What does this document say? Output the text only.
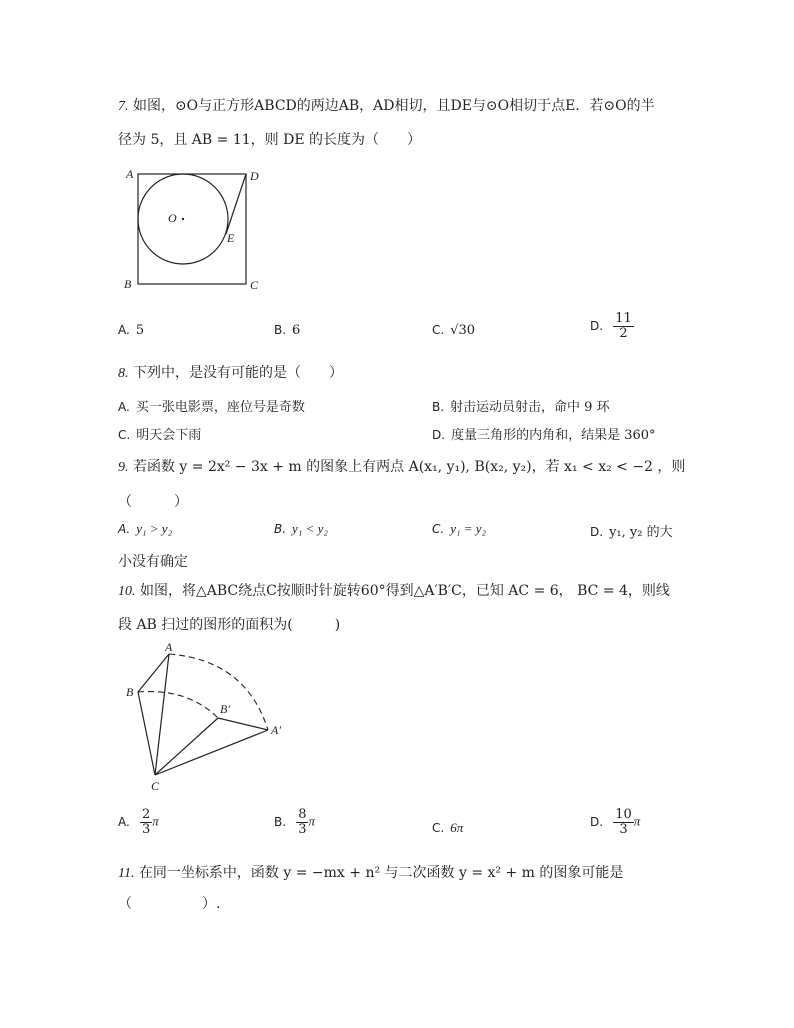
7. 如图，⊙O与正方形ABCD的两边AB，AD相切，且DE与⊙O相切于点E．若⊙O的半
径为 5，且 AB = 11，则 DE 的长度为（　　）
A	D
E
B	C
O
A. 5	B. 6	C. √30	D. $\frac{11}{2}$
8. 下列中，是没有可能的是（　　）
A. 买一张电影票，座位号是奇数	B. 射击运动员射击，命中 9 环
C. 明天会下雨	D. 度量三角形的内角和，结果是 360°
9. 若函数 y = 2x² − 3x + m 的图象上有两点 A(x₁, y₁), B(x₂, y₂)，若 x₁ < x₂ < −2 ，则
（　　　）
A. y₁ > y₂	B. y₁ < y₂	C. y₁ = y₂	D. y₁, y₂ 的大
小没有确定
10. 如图，将△ABC绕点C按顺时针旋转60°得到△A′B′C，已知 AC = 6， BC = 4，则线
段 AB 扫过的图形的面积为(　　　)
A
B
C
B′
A′
A. $\frac{2}{3}$ π	B. $\frac{8}{3}$ π	C. 6π	D. $\frac{10}{3}$ π
11. 在同一坐标系中，函数 y = −mx + n² 与二次函数 y = x² + m 的图象可能是
（　　　　　）.
